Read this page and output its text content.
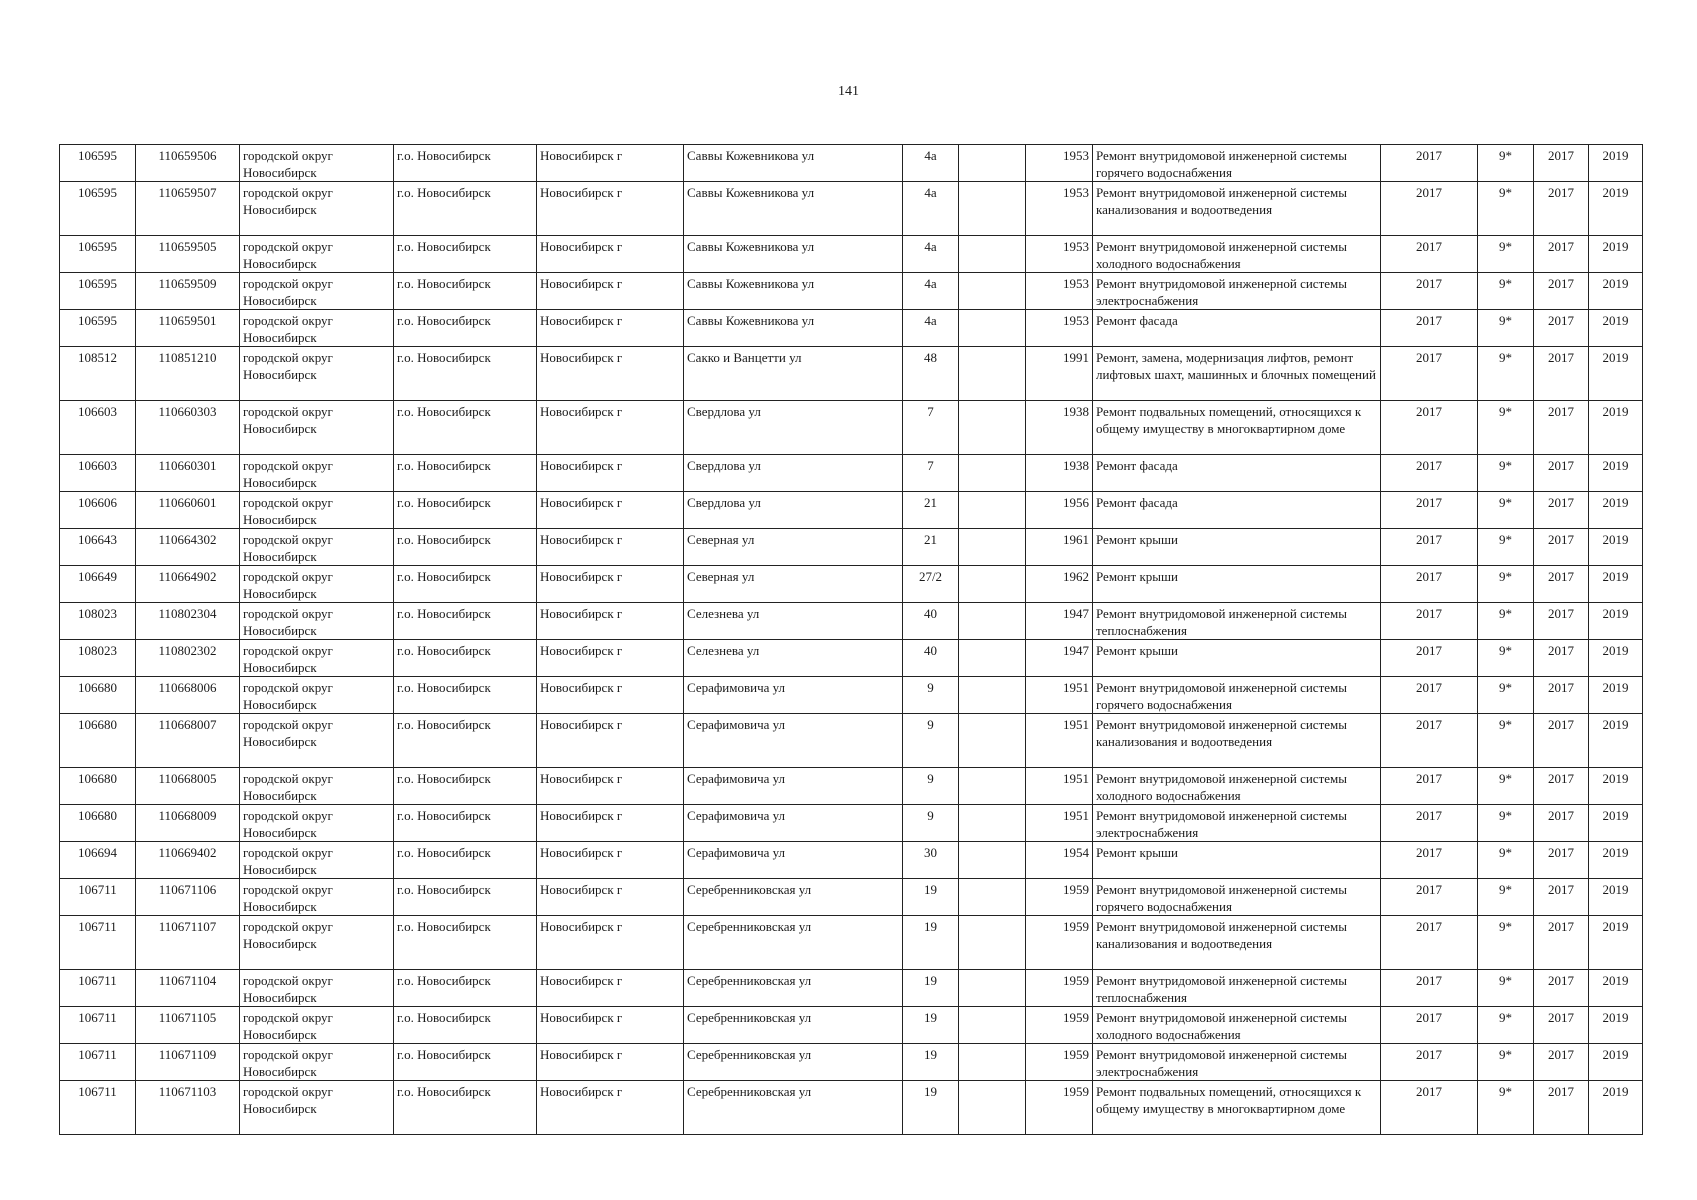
141
106595	110659506	городской округ Новосибирск	г.о. Новосибирск	Новосибирск г	Саввы Кожевникова ул	4а		1953	Ремонт внутридомовой инженерной системы горячего водоснабжения	2017	9*	2017	2019
106595	110659507	городской округ Новосибирск	г.о. Новосибирск	Новосибирск г	Саввы Кожевникова ул	4а		1953	Ремонт внутридомовой инженерной системы канализования и водоотведения	2017	9*	2017	2019
106595	110659505	городской округ Новосибирск	г.о. Новосибирск	Новосибирск г	Саввы Кожевникова ул	4а		1953	Ремонт внутридомовой инженерной системы холодного водоснабжения	2017	9*	2017	2019
106595	110659509	городской округ Новосибирск	г.о. Новосибирск	Новосибирск г	Саввы Кожевникова ул	4а		1953	Ремонт внутридомовой инженерной системы электроснабжения	2017	9*	2017	2019
106595	110659501	городской округ Новосибирск	г.о. Новосибирск	Новосибирск г	Саввы Кожевникова ул	4а		1953	Ремонт фасада	2017	9*	2017	2019
108512	110851210	городской округ Новосибирск	г.о. Новосибирск	Новосибирск г	Сакко и Ванцетти ул	48		1991	Ремонт, замена, модернизация лифтов, ремонт лифтовых шахт, машинных и блочных помещений	2017	9*	2017	2019
106603	110660303	городской округ Новосибирск	г.о. Новосибирск	Новосибирск г	Свердлова ул	7		1938	Ремонт подвальных помещений, относящихся к общему имуществу в многоквартирном доме	2017	9*	2017	2019
106603	110660301	городской округ Новосибирск	г.о. Новосибирск	Новосибирск г	Свердлова ул	7		1938	Ремонт фасада	2017	9*	2017	2019
106606	110660601	городской округ Новосибирск	г.о. Новосибирск	Новосибирск г	Свердлова ул	21		1956	Ремонт фасада	2017	9*	2017	2019
106643	110664302	городской округ Новосибирск	г.о. Новосибирск	Новосибирск г	Северная ул	21		1961	Ремонт крыши	2017	9*	2017	2019
106649	110664902	городской округ Новосибирск	г.о. Новосибирск	Новосибирск г	Северная ул	27/2		1962	Ремонт крыши	2017	9*	2017	2019
108023	110802304	городской округ Новосибирск	г.о. Новосибирск	Новосибирск г	Селезнева ул	40		1947	Ремонт внутридомовой инженерной системы теплоснабжения	2017	9*	2017	2019
108023	110802302	городской округ Новосибирск	г.о. Новосибирск	Новосибирск г	Селезнева ул	40		1947	Ремонт крыши	2017	9*	2017	2019
106680	110668006	городской округ Новосибирск	г.о. Новосибирск	Новосибирск г	Серафимовича ул	9		1951	Ремонт внутридомовой инженерной системы горячего водоснабжения	2017	9*	2017	2019
106680	110668007	городской округ Новосибирск	г.о. Новосибирск	Новосибирск г	Серафимовича ул	9		1951	Ремонт внутридомовой инженерной системы канализования и водоотведения	2017	9*	2017	2019
106680	110668005	городской округ Новосибирск	г.о. Новосибирск	Новосибирск г	Серафимовича ул	9		1951	Ремонт внутридомовой инженерной системы холодного водоснабжения	2017	9*	2017	2019
106680	110668009	городской округ Новосибирск	г.о. Новосибирск	Новосибирск г	Серафимовича ул	9		1951	Ремонт внутридомовой инженерной системы электроснабжения	2017	9*	2017	2019
106694	110669402	городской округ Новосибирск	г.о. Новосибирск	Новосибирск г	Серафимовича ул	30		1954	Ремонт крыши	2017	9*	2017	2019
106711	110671106	городской округ Новосибирск	г.о. Новосибирск	Новосибирск г	Серебренниковская ул	19		1959	Ремонт внутридомовой инженерной системы горячего водоснабжения	2017	9*	2017	2019
106711	110671107	городской округ Новосибирск	г.о. Новосибирск	Новосибирск г	Серебренниковская ул	19		1959	Ремонт внутридомовой инженерной системы канализования и водоотведения	2017	9*	2017	2019
106711	110671104	городской округ Новосибирск	г.о. Новосибирск	Новосибирск г	Серебренниковская ул	19		1959	Ремонт внутридомовой инженерной системы теплоснабжения	2017	9*	2017	2019
106711	110671105	городской округ Новосибирск	г.о. Новосибирск	Новосибирск г	Серебренниковская ул	19		1959	Ремонт внутридомовой инженерной системы холодного водоснабжения	2017	9*	2017	2019
106711	110671109	городской округ Новосибирск	г.о. Новосибирск	Новосибирск г	Серебренниковская ул	19		1959	Ремонт внутридомовой инженерной системы электроснабжения	2017	9*	2017	2019
106711	110671103	городской округ Новосибирск	г.о. Новосибирск	Новосибирск г	Серебренниковская ул	19		1959	Ремонт подвальных помещений, относящихся к общему имуществу в многоквартирном доме	2017	9*	2017	2019
